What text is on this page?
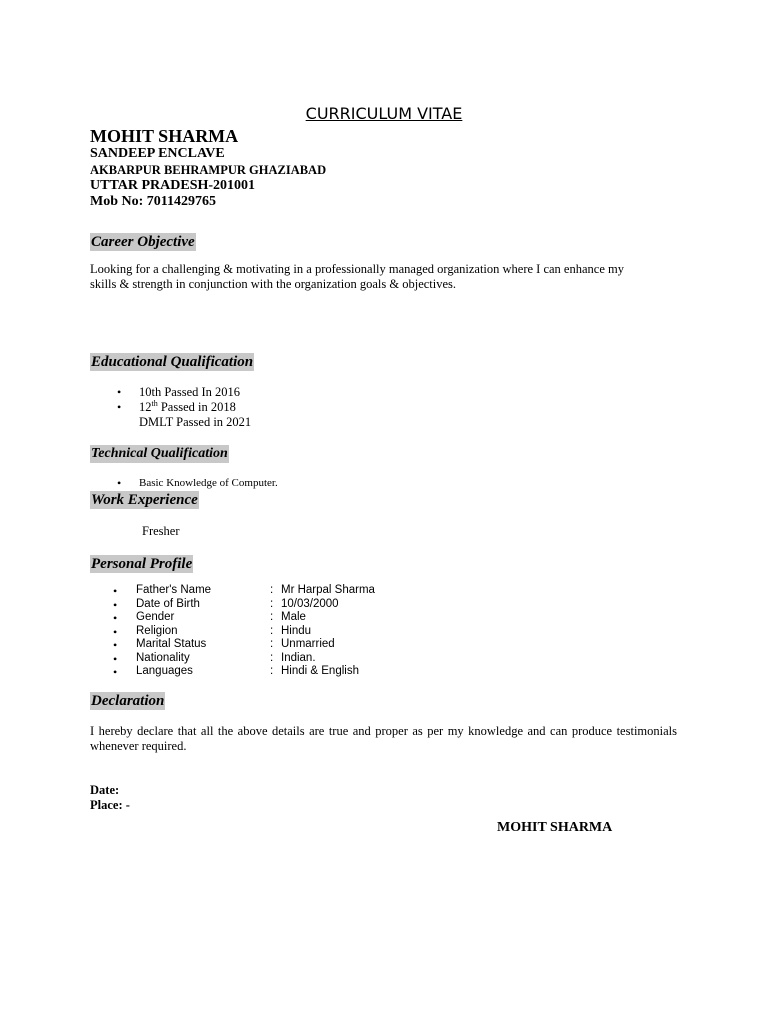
CURRICULUM VITAE
MOHIT SHARMA
SANDEEP ENCLAVE
AKBARPUR BEHRAMPUR GHAZIABAD
UTTAR PRADESH-201001
Mob No: 7011429765
Career Objective
Looking for a challenging & motivating in a professionally managed organization where I can enhance my
skills & strength in conjunction with the organization goals & objectives.
Educational Qualification
• 10th Passed In 2016
• 12th Passed in 2018
DMLT Passed in 2021
Technical Qualification
• Basic Knowledge of Computer.
Work Experience
Fresher
Personal Profile
• Father's Name	: Mr Harpal Sharma
• Date of Birth	: 10/03/2000
• Gender	: Male
• Religion	: Hindu
• Marital Status	: Unmarried
• Nationality	: Indian.
• Languages	: Hindi & English
Declaration
I hereby declare that all the above details are true and proper as per my knowledge and can produce testimonials whenever required.
Date:
Place: -
MOHIT SHARMA
